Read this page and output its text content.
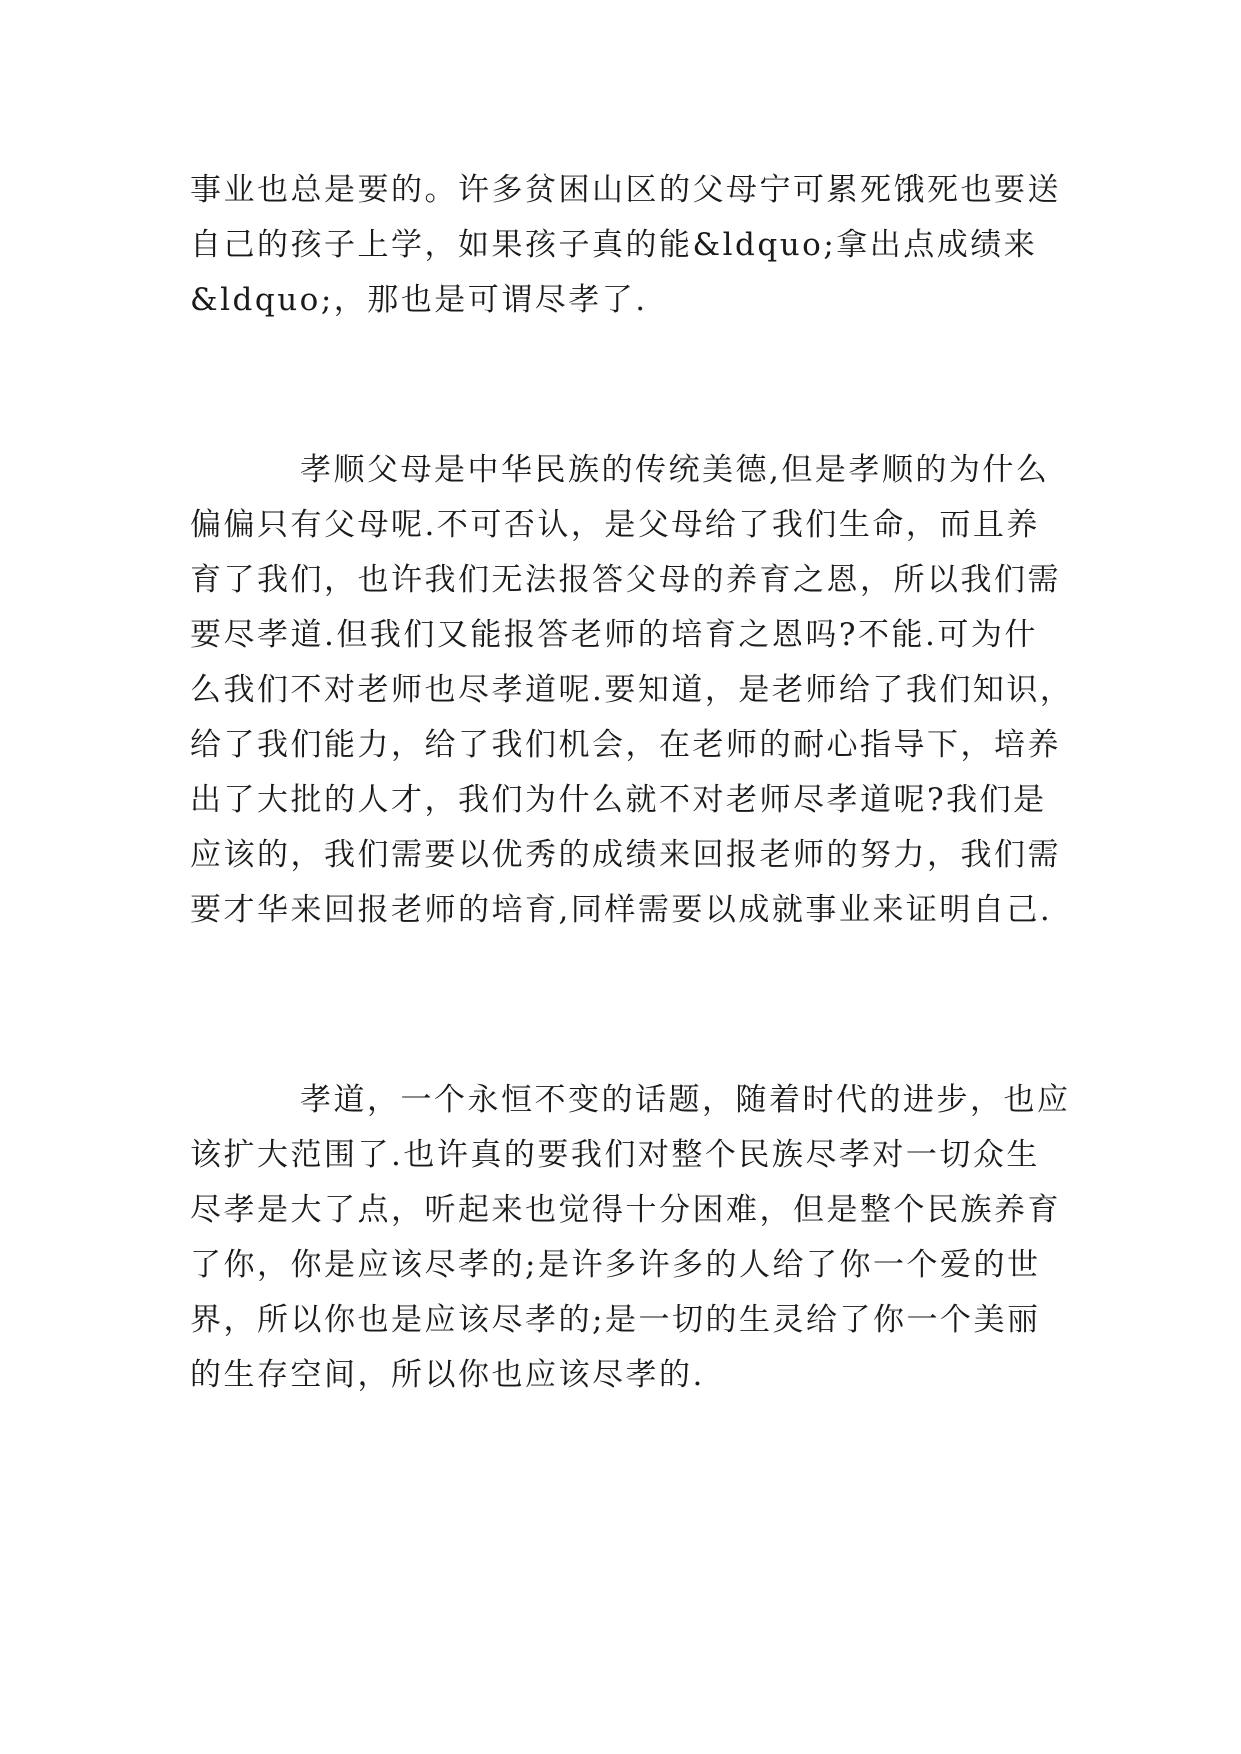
事业也总是要的。许多贫困山区的父母宁可累死饿死也要送
自己的孩子上学，如果孩子真的能&ldquo;拿出点成绩来
&ldquo;，那也是可谓尽孝了.
孝顺父母是中华民族的传统美德,但是孝顺的为什么
偏偏只有父母呢.不可否认，是父母给了我们生命，而且养
育了我们，也许我们无法报答父母的养育之恩，所以我们需
要尽孝道.但我们又能报答老师的培育之恩吗?不能.可为什
么我们不对老师也尽孝道呢.要知道，是老师给了我们知识，
给了我们能力，给了我们机会，在老师的耐心指导下，培养
出了大批的人才，我们为什么就不对老师尽孝道呢?我们是
应该的，我们需要以优秀的成绩来回报老师的努力，我们需
要才华来回报老师的培育,同样需要以成就事业来证明自己.
孝道，一个永恒不变的话题，随着时代的进步，也应
该扩大范围了.也许真的要我们对整个民族尽孝对一切众生
尽孝是大了点，听起来也觉得十分困难，但是整个民族养育
了你，你是应该尽孝的;是许多许多的人给了你一个爱的世
界，所以你也是应该尽孝的;是一切的生灵给了你一个美丽
的生存空间，所以你也应该尽孝的.
